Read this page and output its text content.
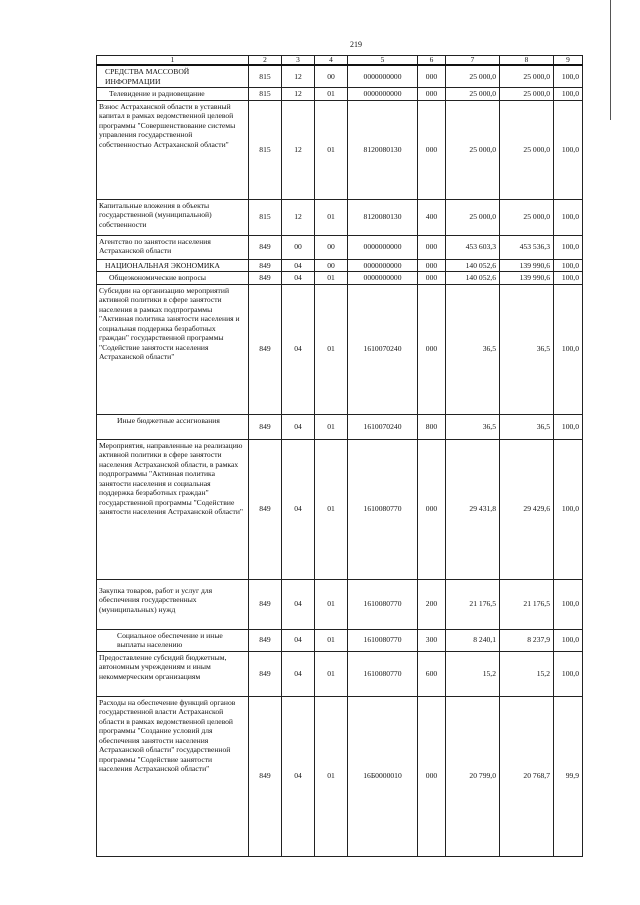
219
1	2	3	4	5	6	7	8	9
СРЕДСТВА МАССОВОЙ ИНФОРМАЦИИ	815	12	00	0000000000	000	25 000,0	25 000,0	100,0
Телевидение и радиовещание	815	12	01	0000000000	000	25 000,0	25 000,0	100,0
Взнос Астраханской области в уставный капитал в рамках ведомственной целевой программы "Совершенствование системы управления государственной собственностью Астраханской области"	815	12	01	8120080130	000	25 000,0	25 000,0	100,0
Капитальные вложения в объекты государственной (муниципальной) собственности	815	12	01	8120080130	400	25 000,0	25 000,0	100,0
Агентство по занятости населения Астраханской области	849	00	00	0000000000	000	453 603,3	453 536,3	100,0
НАЦИОНАЛЬНАЯ ЭКОНОМИКА	849	04	00	0000000000	000	140 052,6	139 990,6	100,0
Общеэкономические вопросы	849	04	01	0000000000	000	140 052,6	139 990,6	100,0
Субсидии на организацию мероприятий активной политики в сфере занятости населения в рамках подпрограммы "Активная политика занятости населения и социальная поддержка безработных граждан" государственной программы "Содействие занятости населения Астраханской области"	849	04	01	1610070240	000	36,5	36,5	100,0
Иные бюджетные ассигнования	849	04	01	1610070240	800	36,5	36,5	100,0
Мероприятия, направленные на реализацию активной политики в сфере занятости населения Астраханской области, в рамках подпрограммы "Активная политика занятости населения и социальная поддержка безработных граждан" государственной программы "Содействие занятости населения Астраханской области"	849	04	01	1610080770	000	29 431,8	29 429,6	100,0
Закупка товаров, работ и услуг для обеспечения государственных (муниципальных) нужд	849	04	01	1610080770	200	21 176,5	21 176,5	100,0
Социальное обеспечение и иные выплаты населению	849	04	01	1610080770	300	8 240,1	8 237,9	100,0
Предоставление субсидий бюджетным, автономным учреждениям и иным некоммерческим организациям	849	04	01	1610080770	600	15,2	15,2	100,0
Расходы на обеспечение функций органов государственной власти Астраханской области в рамках ведомственной целевой программы "Создание условий для обеспечения занятости населения Астраханской области" государственной программы "Содействие занятости населения Астраханской области"	849	04	01	16Б0000010	000	20 799,0	20 768,7	99,9
